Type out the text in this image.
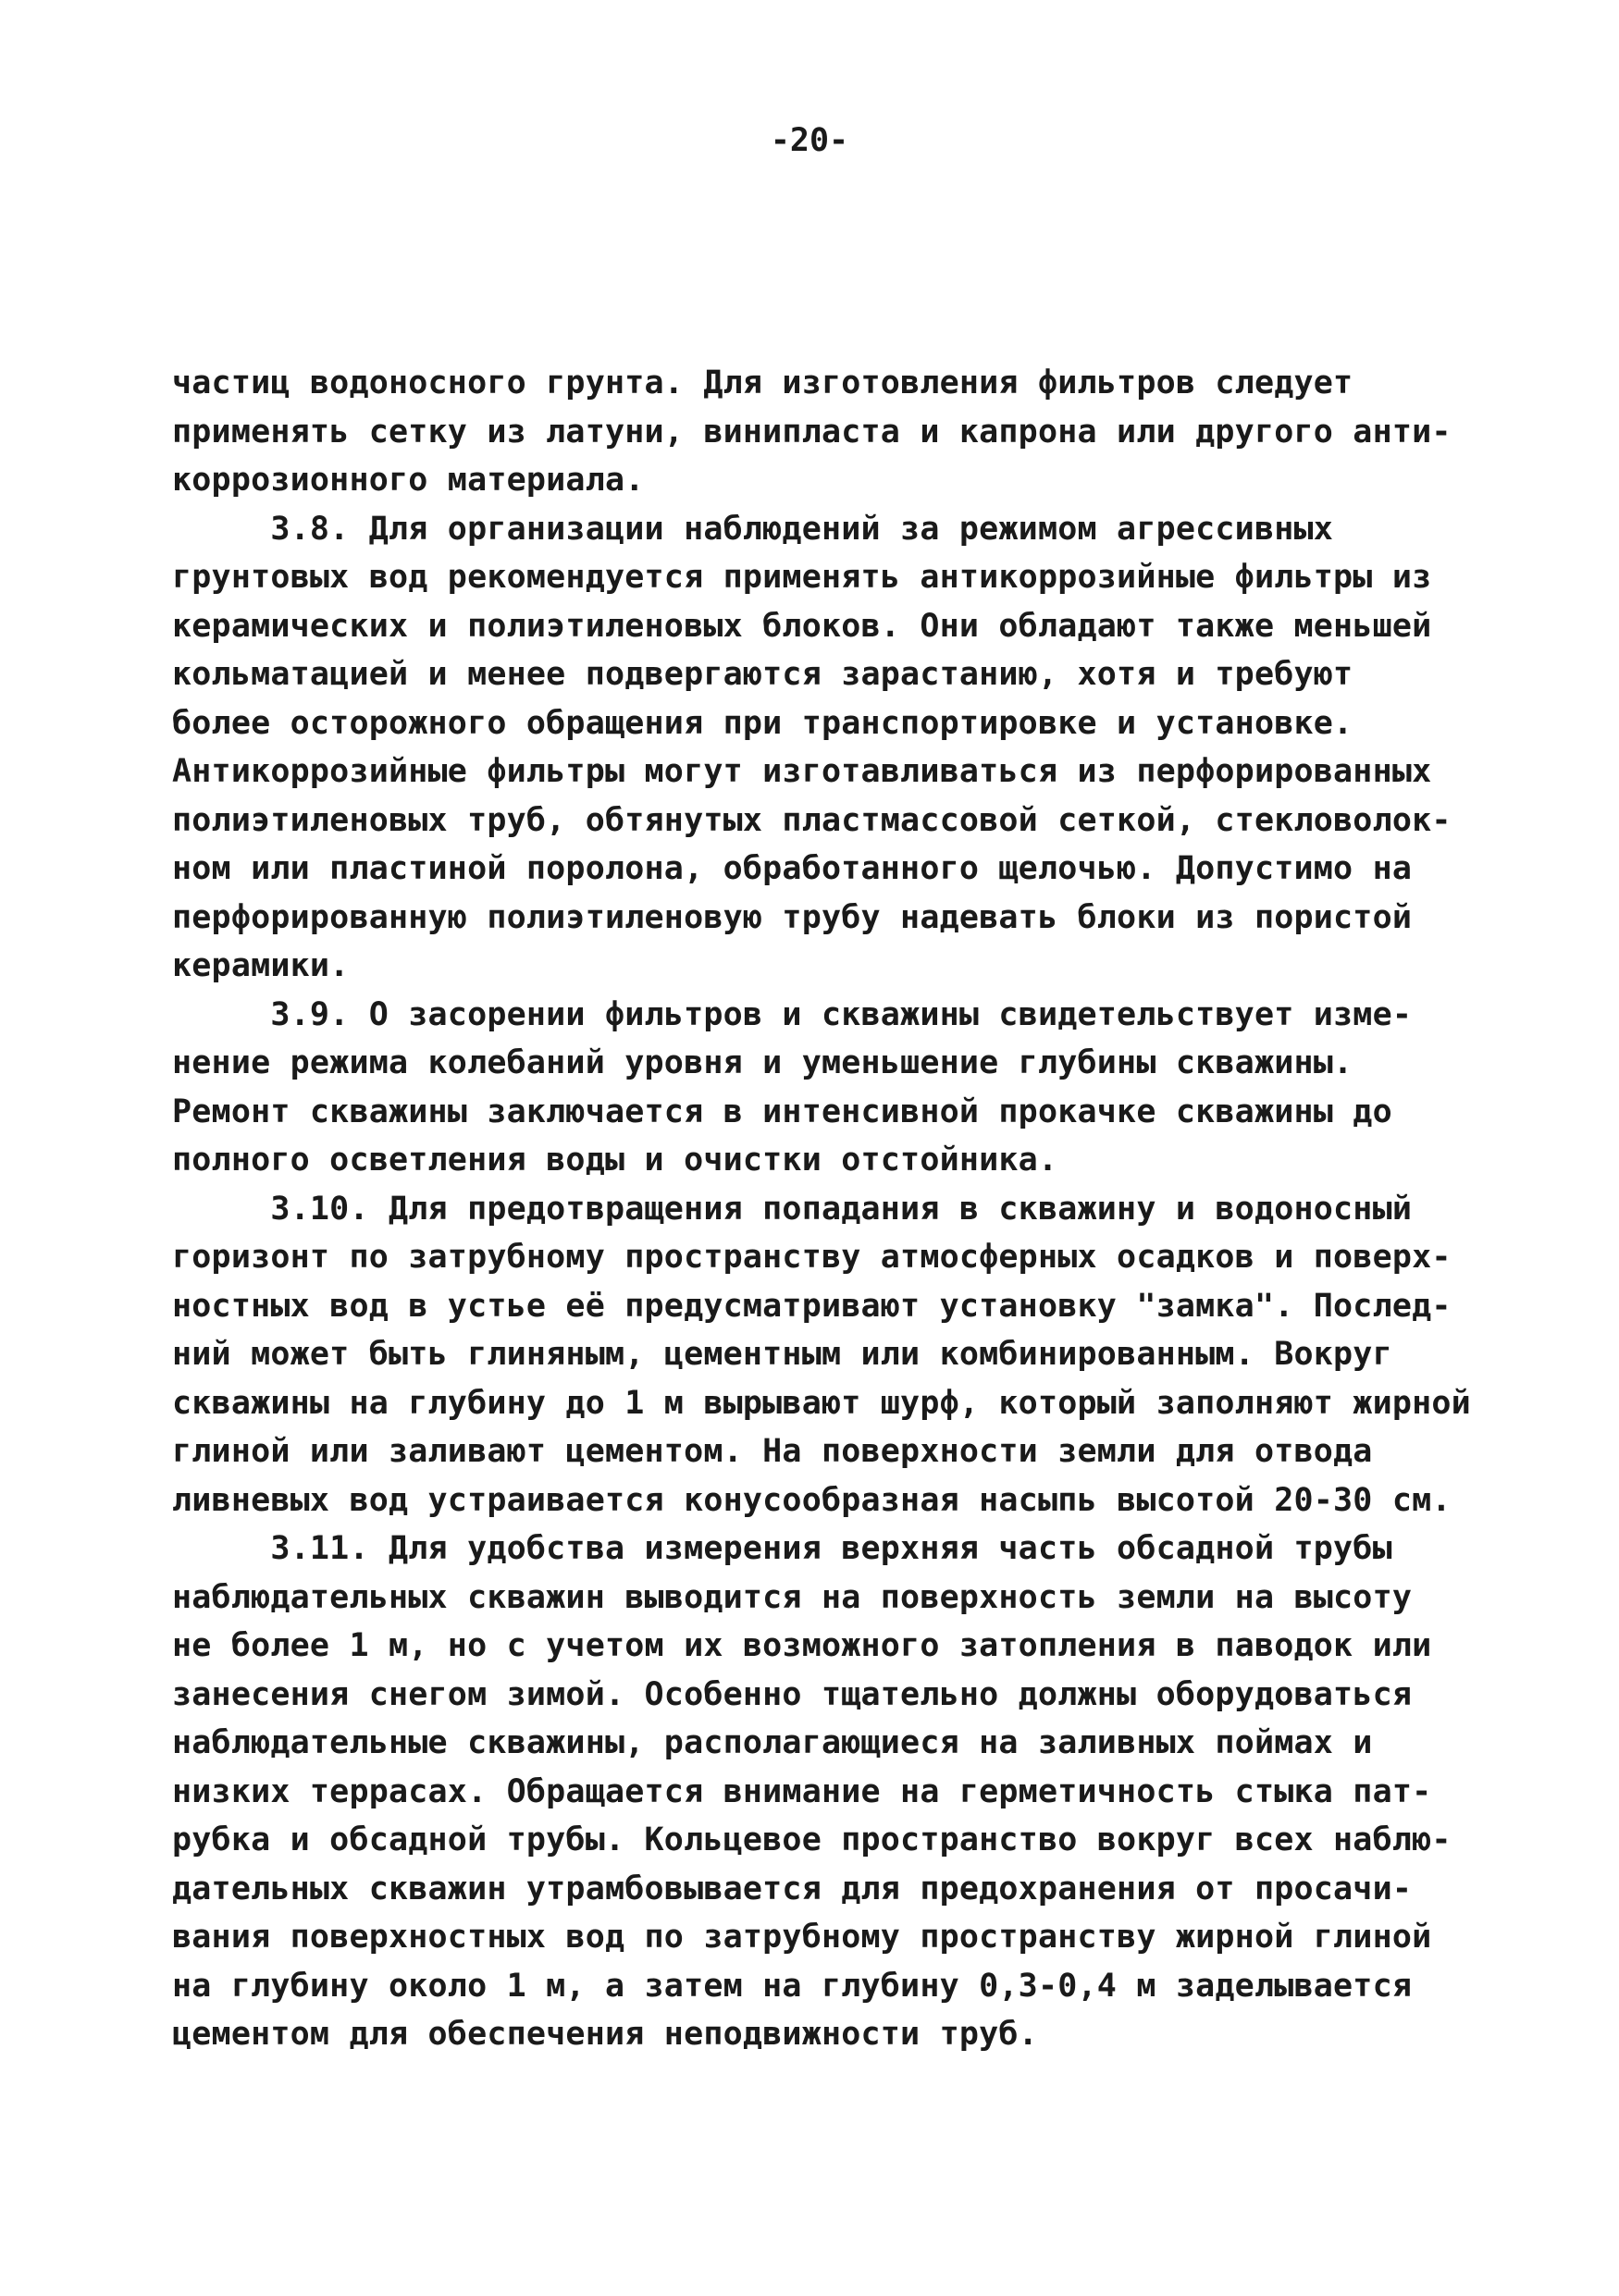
-20-
частиц водоносного грунта. Для изготовления фильтров следует
применять сетку из латуни, винипласта и капрона или другого анти-
коррозионного материала.
3.8. Для организации наблюдений за режимом агрессивных
грунтовых вод рекомендуется применять антикоррозийные фильтры из
керамических и полиэтиленовых блоков. Они обладают также меньшей
кольматацией и менее подвергаются зарастанию, хотя и требуют
более осторожного обращения при транспортировке и установке.
Антикоррозийные фильтры могут изготавливаться из перфорированных
полиэтиленовых труб, обтянутых пластмассовой сеткой, стекловолок-
ном или пластиной поролона, обработанного щелочью. Допустимо на
перфорированную полиэтиленовую трубу надевать блоки из пористой
керамики.
3.9. О засорении фильтров и скважины свидетельствует изме-
нение режима колебаний уровня и уменьшение глубины скважины.
Ремонт скважины заключается в интенсивной прокачке скважины до
полного осветления воды и очистки отстойника.
3.10. Для предотвращения попадания в скважину и водоносный
горизонт по затрубному пространству атмосферных осадков и поверх-
ностных вод в устье её предусматривают установку "замка". Послед-
ний может быть глиняным, цементным или комбинированным. Вокруг
скважины на глубину до 1 м вырывают шурф, который заполняют жирной
глиной или заливают цементом. На поверхности земли для отвода
ливневых вод устраивается конусообразная насыпь высотой 20-30 см.
3.11. Для удобства измерения верхняя часть обсадной трубы
наблюдательных скважин выводится на поверхность земли на высоту
не более 1 м, но с учетом их возможного затопления в паводок или
занесения снегом зимой. Особенно тщательно должны оборудоваться
наблюдательные скважины, располагающиеся на заливных поймах и
низких террасах. Обращается внимание на герметичность стыка пат-
рубка и обсадной трубы. Кольцевое пространство вокруг всех наблю-
дательных скважин утрамбовывается для предохранения от просачи-
вания поверхностных вод по затрубному пространству жирной глиной
на глубину около 1 м, а затем на глубину 0,3-0,4 м заделывается
цементом для обеспечения неподвижности труб.
